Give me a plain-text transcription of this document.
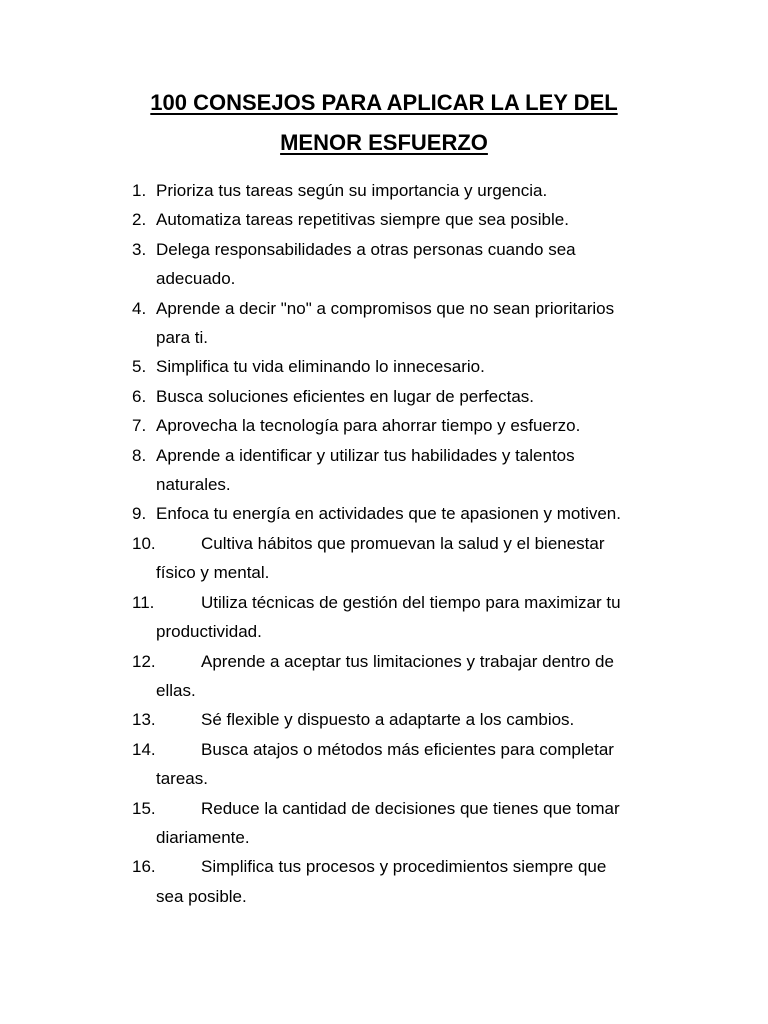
100 CONSEJOS PARA APLICAR LA LEY DEL
MENOR ESFUERZO
1. Prioriza tus tareas según su importancia y urgencia.
2. Automatiza tareas repetitivas siempre que sea posible.
3. Delega responsabilidades a otras personas cuando sea
adecuado.
4. Aprende a decir "no" a compromisos que no sean prioritarios
para ti.
5. Simplifica tu vida eliminando lo innecesario.
6. Busca soluciones eficientes en lugar de perfectas.
7. Aprovecha la tecnología para ahorrar tiempo y esfuerzo.
8. Aprende a identificar y utilizar tus habilidades y talentos
naturales.
9. Enfoca tu energía en actividades que te apasionen y motiven.
10.	Cultiva hábitos que promuevan la salud y el bienestar
físico y mental.
11.	Utiliza técnicas de gestión del tiempo para maximizar tu
productividad.
12.	Aprende a aceptar tus limitaciones y trabajar dentro de
ellas.
13.	Sé flexible y dispuesto a adaptarte a los cambios.
14.	Busca atajos o métodos más eficientes para completar
tareas.
15.	Reduce la cantidad de decisiones que tienes que tomar
diariamente.
16.	Simplifica tus procesos y procedimientos siempre que
sea posible.
